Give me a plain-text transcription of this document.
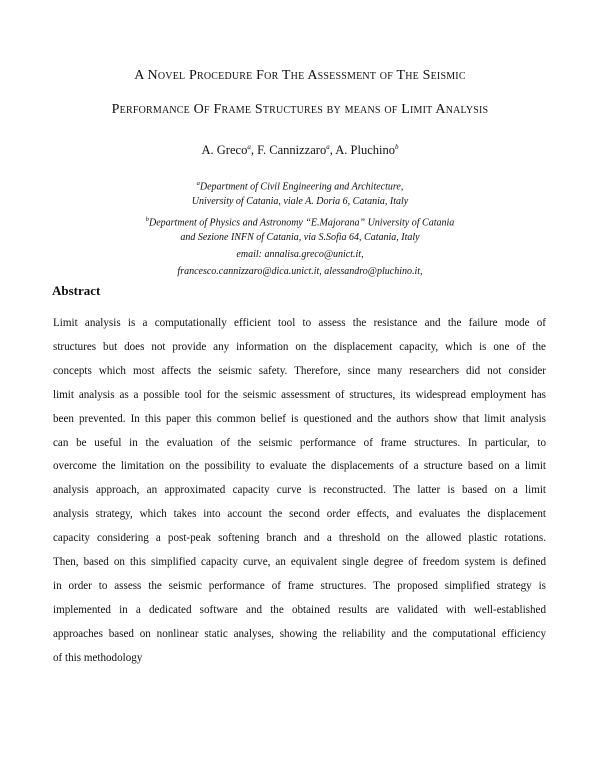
A Novel Procedure For The Assessment of The Seismic
Performance Of Frame Structures by means of Limit Analysis
A. Greco$^a$, F. Cannizzaro$^a$, A. Pluchino$^b$
$^a$Department of Civil Engineering and Architecture,
University of Catania, viale A. Doria 6, Catania, Italy
$^b$Department of Physics and Astronomy “E.Majorana” University of Catania
and Sezione INFN of Catania, via S.Sofia 64, Catania, Italy
email: annalisa.greco@unict.it,
francesco.cannizzaro@dica.unict.it, alessandro@pluchino.it,
Abstract
Limit analysis is a computationally efficient tool to assess the resistance and the failure mode of
structures but does not provide any information on the displacement capacity, which is one of the
concepts which most affects the seismic safety. Therefore, since many researchers did not consider
limit analysis as a possible tool for the seismic assessment of structures, its widespread employment has
been prevented. In this paper this common belief is questioned and the authors show that limit analysis
can be useful in the evaluation of the seismic performance of frame structures. In particular, to
overcome the limitation on the possibility to evaluate the displacements of a structure based on a limit
analysis approach, an approximated capacity curve is reconstructed. The latter is based on a limit
analysis strategy, which takes into account the second order effects, and evaluates the displacement
capacity considering a post-peak softening branch and a threshold on the allowed plastic rotations.
Then, based on this simplified capacity curve, an equivalent single degree of freedom system is defined
in order to assess the seismic performance of frame structures. The proposed simplified strategy is
implemented in a dedicated software and the obtained results are validated with well-established
approaches based on nonlinear static analyses, showing the reliability and the computational efficiency
of this methodology
